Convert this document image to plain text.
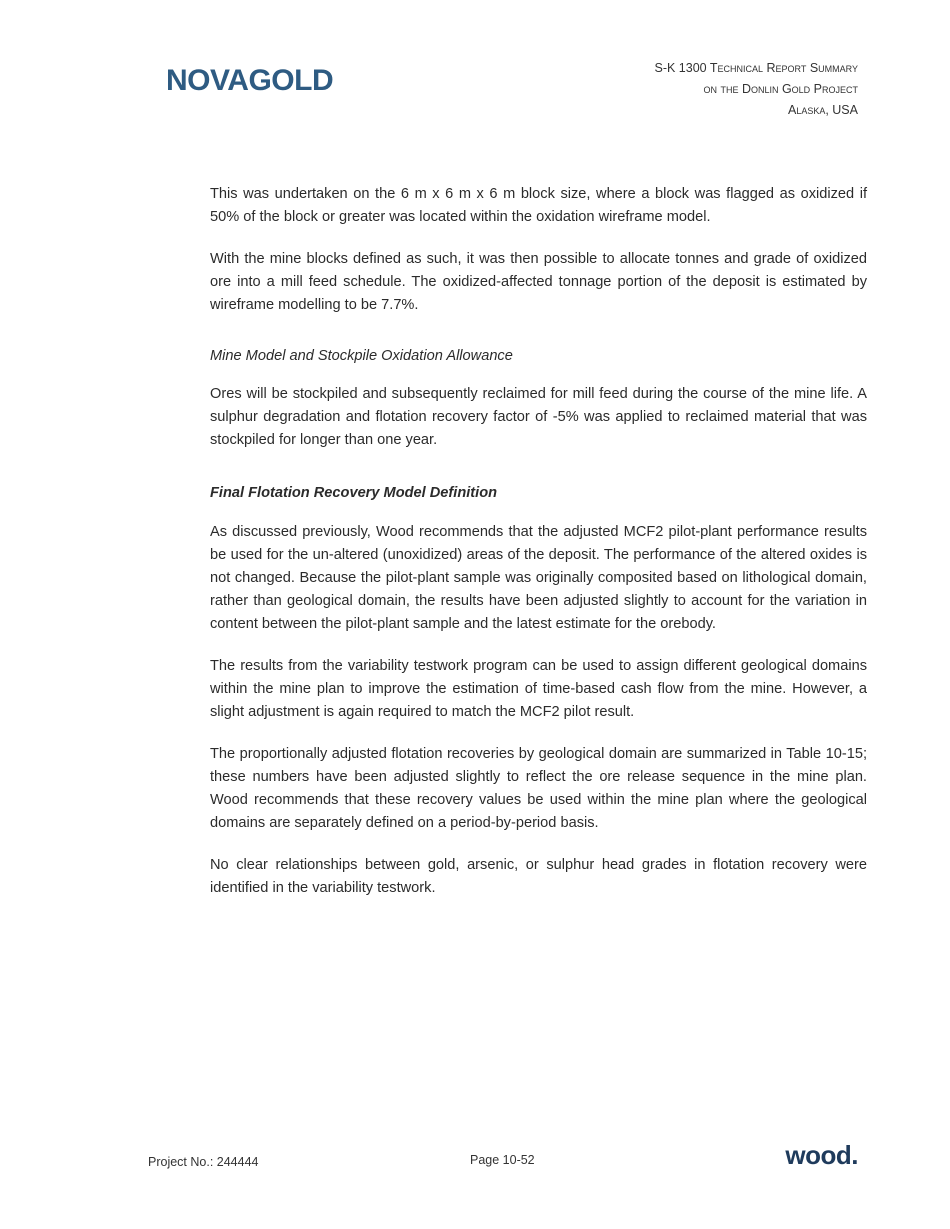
NOVAGOLD	S-K 1300 Technical Report Summary
on the Donlin Gold Project
Alaska, USA

This was undertaken on the 6 m x 6 m x 6 m block size, where a block was flagged as oxidized if 50% of the block or greater was located within the oxidation wireframe model.

With the mine blocks defined as such, it was then possible to allocate tonnes and grade of oxidized ore into a mill feed schedule. The oxidized-affected tonnage portion of the deposit is estimated by wireframe modelling to be 7.7%.

Mine Model and Stockpile Oxidation Allowance

Ores will be stockpiled and subsequently reclaimed for mill feed during the course of the mine life. A sulphur degradation and flotation recovery factor of -5% was applied to reclaimed material that was stockpiled for longer than one year.

Final Flotation Recovery Model Definition

As discussed previously, Wood recommends that the adjusted MCF2 pilot-plant performance results be used for the un-altered (unoxidized) areas of the deposit. The performance of the altered oxides is not changed. Because the pilot-plant sample was originally composited based on lithological domain, rather than geological domain, the results have been adjusted slightly to account for the variation in content between the pilot-plant sample and the latest estimate for the orebody.

The results from the variability testwork program can be used to assign different geological domains within the mine plan to improve the estimation of time-based cash flow from the mine. However, a slight adjustment is again required to match the MCF2 pilot result.

The proportionally adjusted flotation recoveries by geological domain are summarized in Table 10-15; these numbers have been adjusted slightly to reflect the ore release sequence in the mine plan. Wood recommends that these recovery values be used within the mine plan where the geological domains are separately defined on a period-by-period basis.

No clear relationships between gold, arsenic, or sulphur head grades in flotation recovery were identified in the variability testwork.

Project No.: 244444	Page 10-52	wood.
